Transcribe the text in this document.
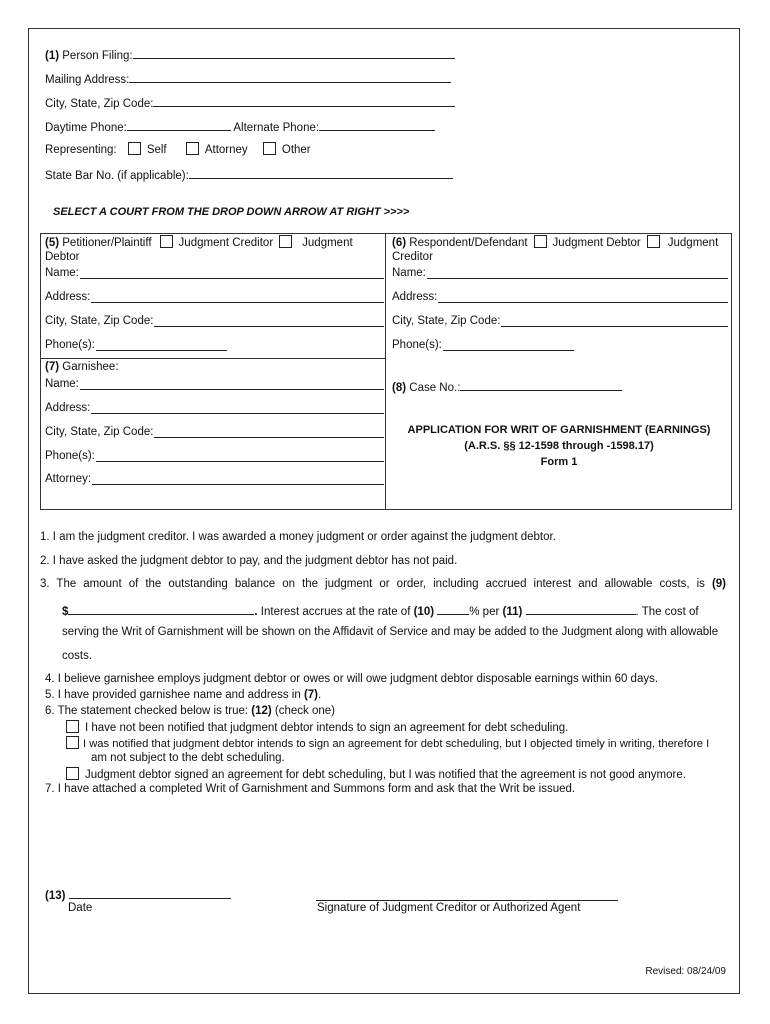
(1) Person Filing:
Mailing Address:
City, State, Zip Code:
Daytime Phone:	Alternate Phone:
Representing:	Self	Attorney	Other
State Bar No. (if applicable):
SELECT A COURT FROM THE DROP DOWN ARROW AT RIGHT >>>>
(5) Petitioner/Plaintiff Judgment Creditor	Judgment
Debtor
Name:
Address:
City, State, Zip Code:
Phone(s):
(6) Respondent/Defendant Judgment Debtor Judgment
Creditor
Name:
Address:
City, State, Zip Code:
Phone(s):
(7) Garnishee:
Name:
Address:
City, State, Zip Code:
Phone(s):
Attorney:
(8) Case No.:
APPLICATION FOR WRIT OF GARNISHMENT (EARNINGS)
(A.R.S. §§ 12-1598 through -1598.17)
Form 1
1. I am the judgment creditor. I was awarded a money judgment or order against the judgment debtor.
2. I have asked the judgment debtor to pay, and the judgment debtor has not paid.
3. The amount of the outstanding balance on the judgment or order, including accrued interest and allowable costs, is (9)
$	. Interest accrues at the rate of (10)	% per (11)	. The cost of
serving the Writ of Garnishment will be shown on the Affidavit of Service and may be added to the Judgment along with allowable
costs.
4. I believe garnishee employs judgment debtor or owes or will owe judgment debtor disposable earnings within 60 days.
5. I have provided garnishee name and address in (7).
6. The statement checked below is true: (12) (check one)
I have not been notified that judgment debtor intends to sign an agreement for debt scheduling.
I was notified that judgment debtor intends to sign an agreement for debt scheduling, but I objected timely in writing, therefore I
am not subject to the debt scheduling.
Judgment debtor signed an agreement for debt scheduling, but I was notified that the agreement is not good anymore.
7. I have attached a completed Writ of Garnishment and Summons form and ask that the Writ be issued.
(13)
Date	Signature of Judgment Creditor or Authorized Agent
Revised: 08/24/09
